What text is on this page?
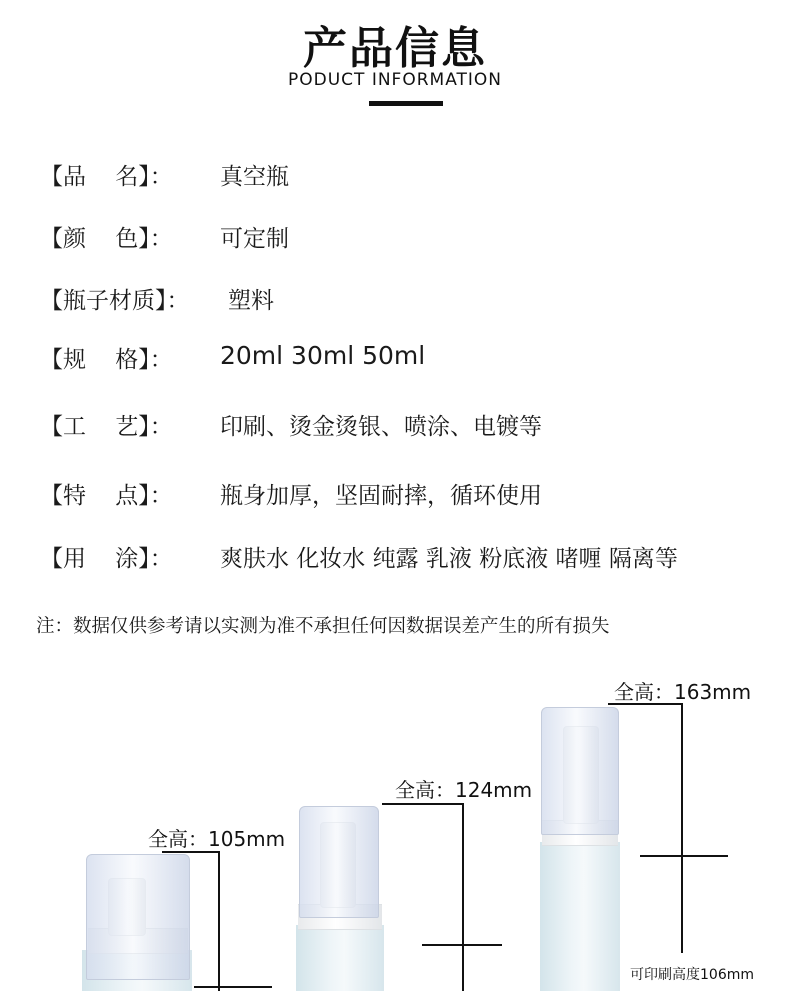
产品信息
PODUCT INFORMATION
【品    名】： 真空瓶
【颜    色】： 可定制
【瓶子材质】： 塑料
【规    格】： 20ml 30ml 50ml
【工    艺】： 印刷、烫金烫银、喷涂、电镀等
【特    点】： 瓶身加厚，坚固耐摔，循环使用
【用    涂】： 爽肤水 化妆水 纯露 乳液 粉底液 啫喱 隔离等
注：数据仅供参考请以实测为准不承担任何因数据误差产生的所有损失
全高：105mm
全高：124mm
全高：163mm
可印刷高度106mm
